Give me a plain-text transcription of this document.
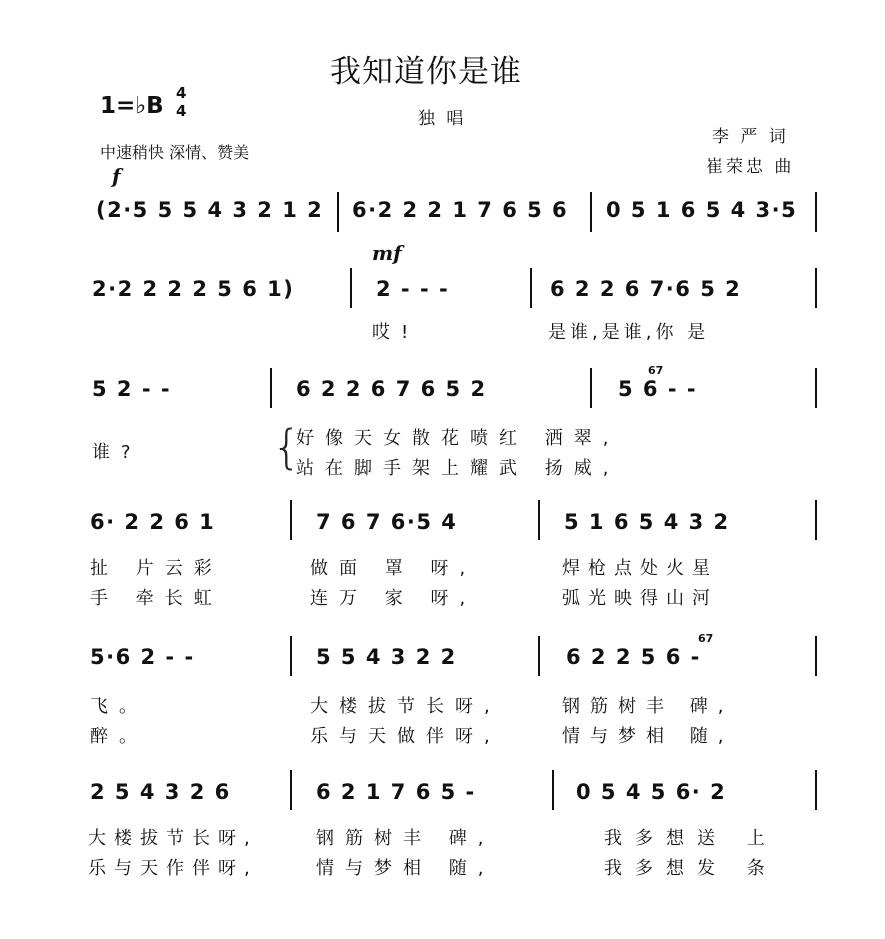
我知道你是谁
1=♭B 4
4	独 唱
李 严 词
崔荣忠 曲
中速稍快 深情、赞美
f
(2·5 5 5 4 3 2 1 2 6·2 2 2 1 7 6 5 6 0 5 1 6 5 4 3·5
mf
2·2 2 2 2 5 6 1)	2 - - -	6 2 2 6 7·6 5 2
哎!	是谁,是谁,你 是
5 2 - -	6 2 2 6 7 6 5 2	5 6 - -
67
谁?	{
好像天女散花喷红 洒翠,
站在脚手架上耀武 扬威,
6· 2 2 6 1	7 6 7 6·5 4	5 1 6 5 4 3 2
扯 片云彩	做面 罩 呀,	焊枪点处火星
手 牵长虹	连万 家 呀,	弧光映得山河
5·6 2 - -	5 5 4 3 2 2	6 2 2 5 6 -
67
飞。	大楼拔节长呀,	钢筋树丰 碑,
醉。	乐与天做伴呀,	情与梦相 随,
2 5 4 3 2 6	6 2 1 7 6 5 -	0 5 4 5 6· 2
大楼拔节长呀,	钢筋树丰 碑,	我多想送 上
乐与天作伴呀,	情与梦相 随,	我多想发 条
